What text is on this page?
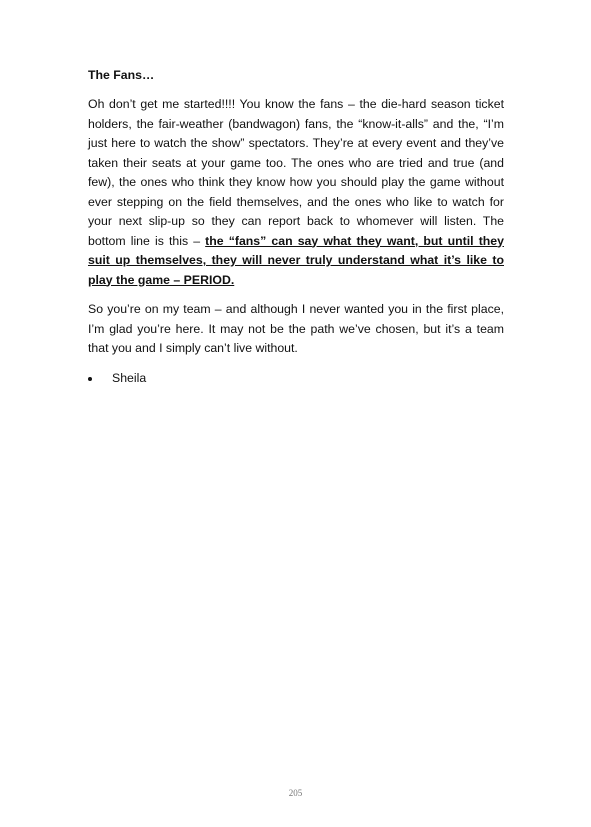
The Fans…

Oh don’t get me started!!!! You know the fans – the die-hard season ticket holders, the fair-weather (bandwagon) fans, the “know-it-alls” and the, “I’m just here to watch the show” spectators. They’re at every event and they’ve taken their seats at your game too. The ones who are tried and true (and few), the ones who think they know how you should play the game without ever stepping on the field themselves, and the ones who like to watch for your next slip-up so they can report back to whomever will listen. The bottom line is this – the “fans” can say what they want, but until they suit up themselves, they will never truly understand what it’s like to play the game – PERIOD.

So you’re on my team – and although I never wanted you in the first place, I’m glad you’re here. It may not be the path we’ve chosen, but it’s a team that you and I simply can’t live without.

Sheila
205
